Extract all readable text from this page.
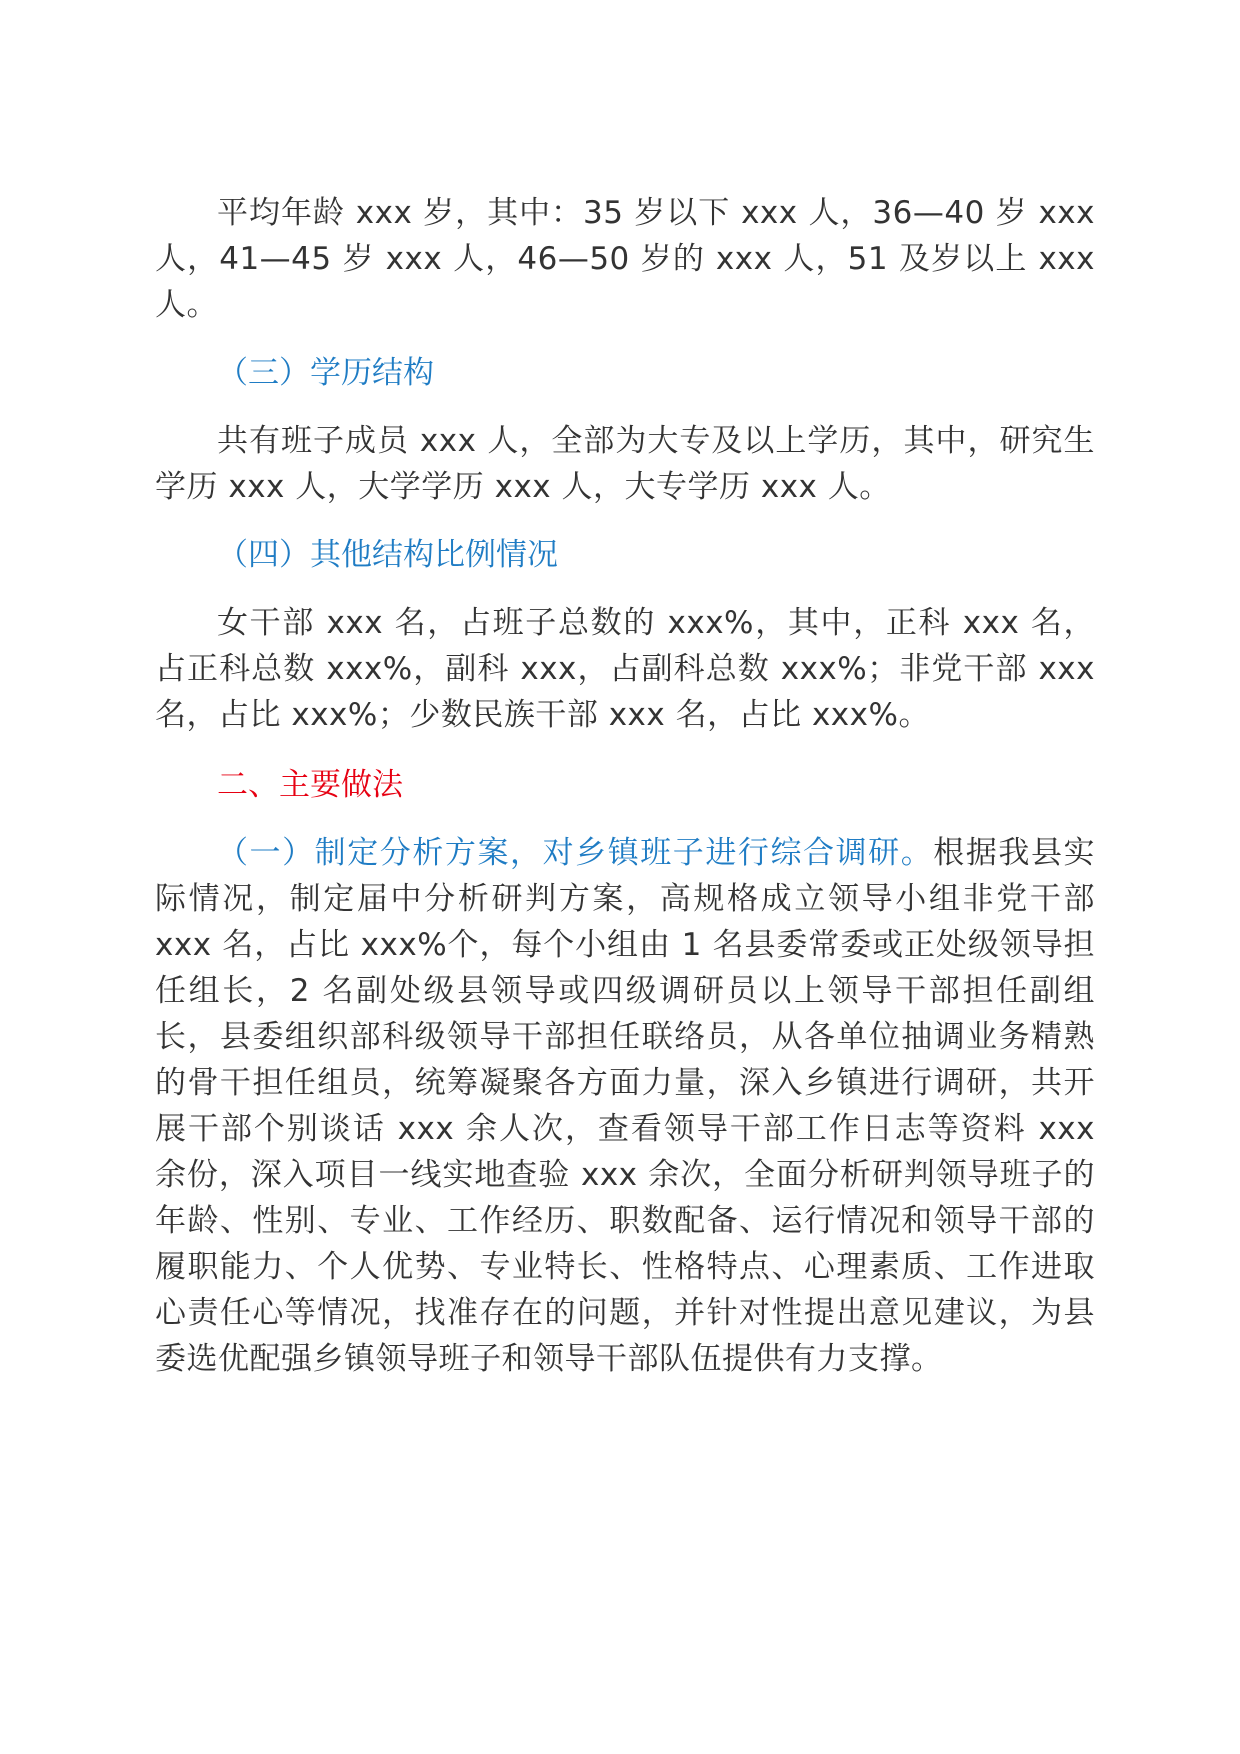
平均年龄 xxx 岁，其中：35 岁以下 xxx 人，36—40 岁 xxx 人，41—45 岁 xxx 人，46—50 岁的 xxx 人，51 及岁以上 xxx 人。

（三）学历结构

共有班子成员 xxx 人，全部为大专及以上学历，其中，研究生学历 xxx 人，大学学历 xxx 人，大专学历 xxx 人。

（四）其他结构比例情况

女干部 xxx 名，占班子总数的 xxx%，其中，正科 xxx 名，占正科总数 xxx%，副科 xxx，占副科总数 xxx%；非党干部 xxx 名，占比 xxx%；少数民族干部 xxx 名，占比 xxx%。

二、主要做法

（一）制定分析方案，对乡镇班子进行综合调研。根据我县实际情况，制定届中分析研判方案，高规格成立领导小组非党干部 xxx 名，占比 xxx%个，每个小组由 1 名县委常委或正处级领导担任组长，2 名副处级县领导或四级调研员以上领导干部担任副组长，县委组织部科级领导干部担任联络员，从各单位抽调业务精熟的骨干担任组员，统筹凝聚各方面力量，深入乡镇进行调研，共开展干部个别谈话 xxx 余人次，查看领导干部工作日志等资料 xxx 余份，深入项目一线实地查验 xxx 余次，全面分析研判领导班子的年龄、性别、专业、工作经历、职数配备、运行情况和领导干部的履职能力、个人优势、专业特长、性格特点、心理素质、工作进取心责任心等情况，找准存在的问题，并针对性提出意见建议，为县委选优配强乡镇领导班子和领导干部队伍提供有力支撑。
